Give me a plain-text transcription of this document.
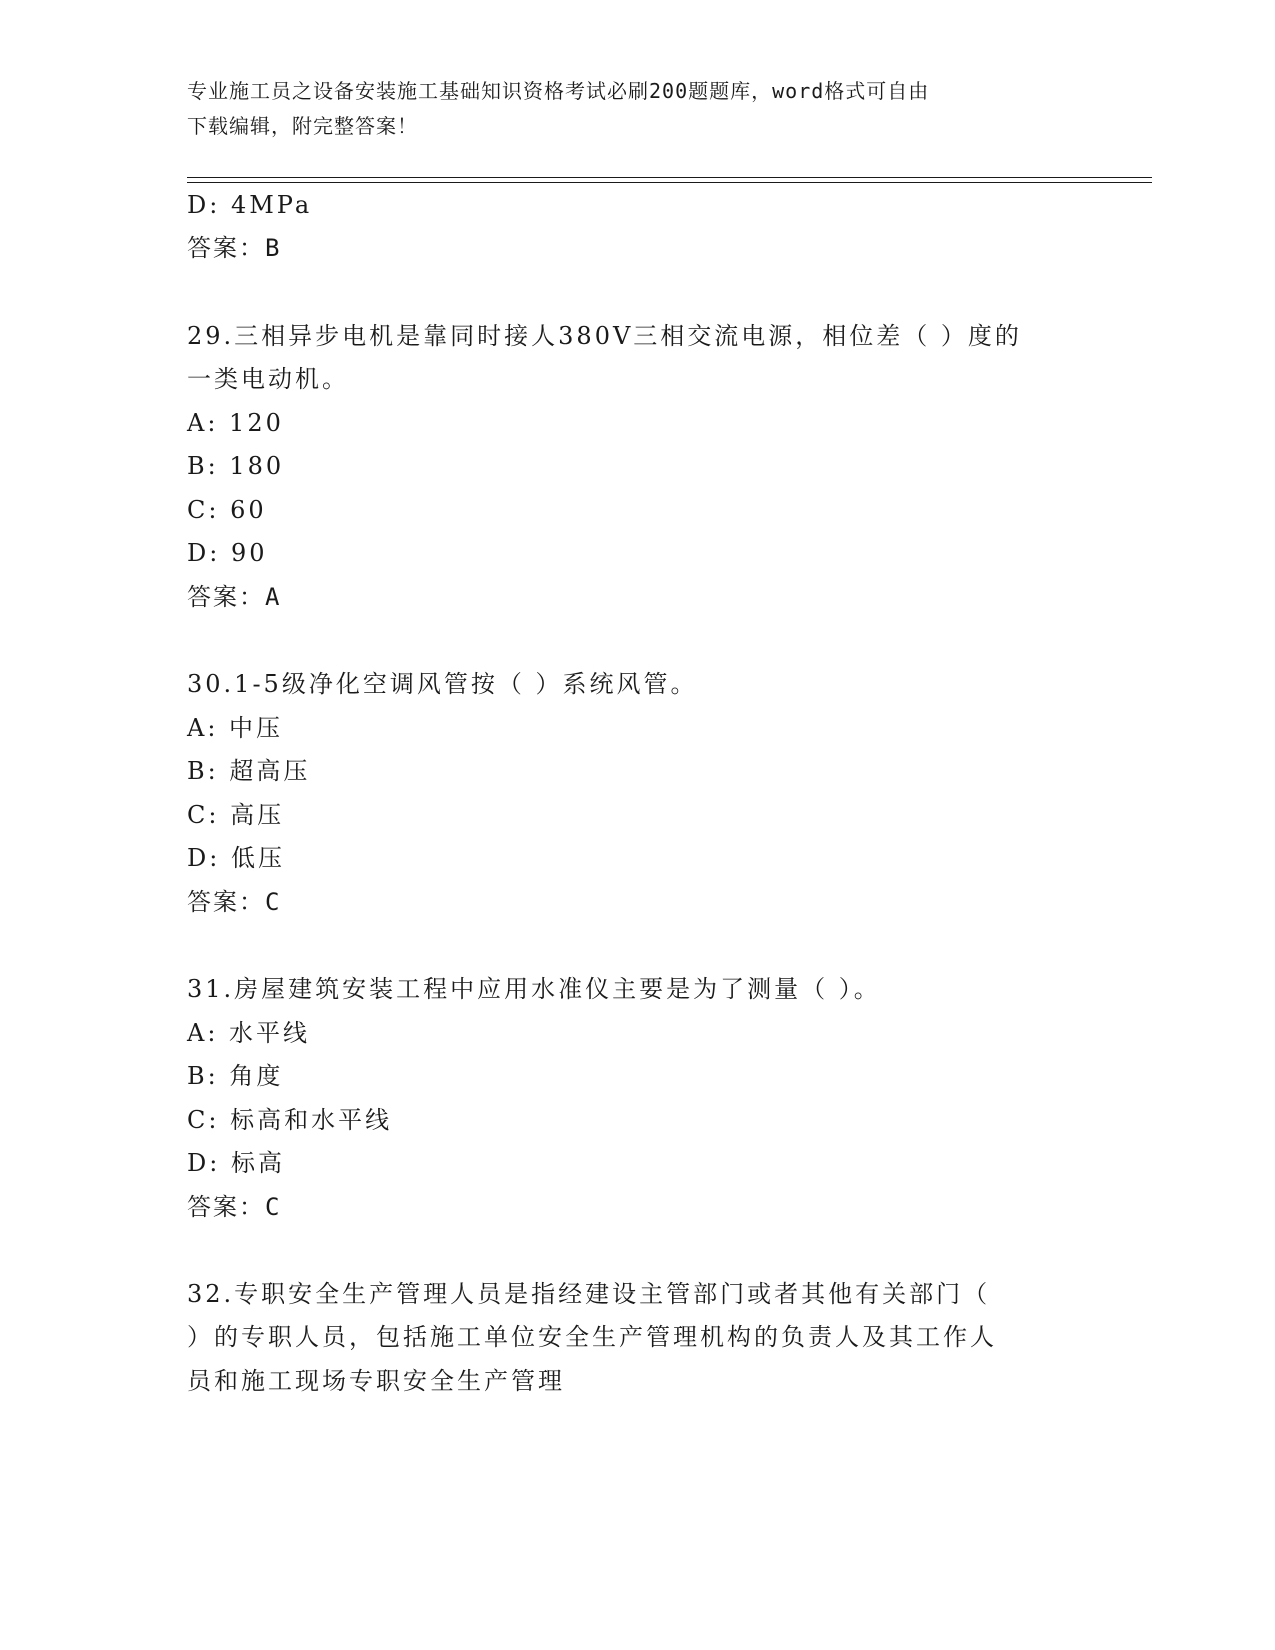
专业施工员之设备安装施工基础知识资格考试必刷200题题库，word格式可自由
下载编辑，附完整答案！
D: 4MPa
答案：B
29.三相异步电机是靠同时接人380V三相交流电源，相位差（ ）度的
一类电动机。
A: 120
B: 180
C: 60
D: 90
答案：A
30.1-5级净化空调风管按（ ）系统风管。
A: 中压
B: 超高压
C: 高压
D: 低压
答案：C
31.房屋建筑安装工程中应用水准仪主要是为了测量（ ）。
A: 水平线
B: 角度
C: 标高和水平线
D: 标高
答案：C
32.专职安全生产管理人员是指经建设主管部门或者其他有关部门（
）的专职人员，包括施工单位安全生产管理机构的负责人及其工作人
员和施工现场专职安全生产管理
